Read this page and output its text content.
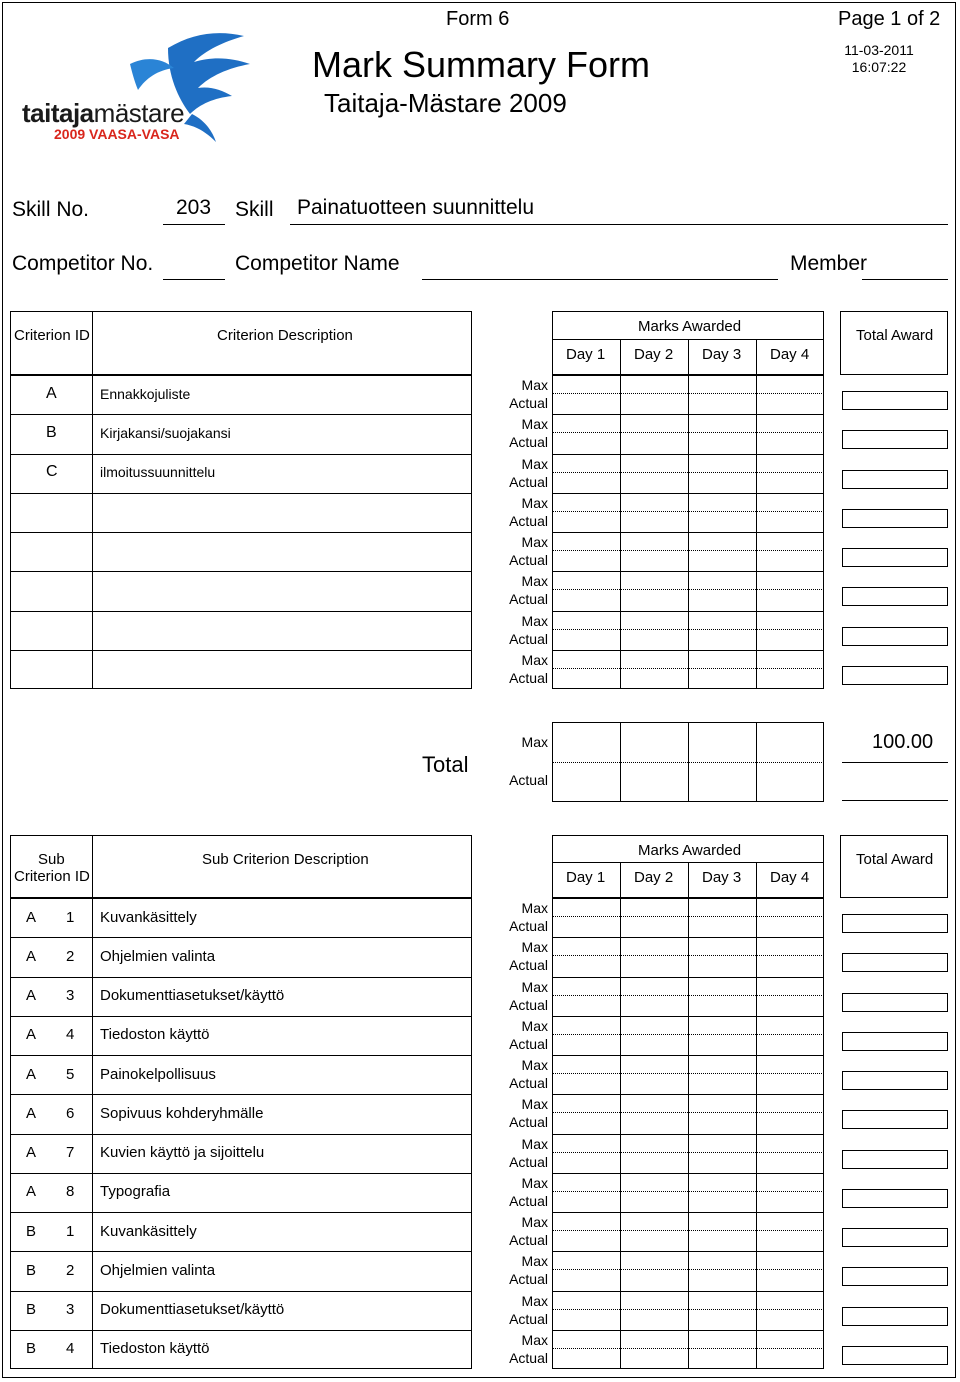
Form 6	Page 1 of 2
Mark Summary Form
Taitaja-Mästare 2009
11-03-2011
16:07:22
taitajamästare
2009 VAASA-VASA
Skill No.	203 Skill Painatuotteen suunnittelu
Competitor No.	Competitor Name	Member
Criterion ID	Criterion Description
Marks Awarded
Day 1 Day 2 Day 3 Day 4
Total Award
A	Ennakkojuliste
Max
Actual
B	Kirjakansi/suojakansi
Max
Actual
C	ilmoitussuunnittelu
Max
Actual
Max
Actual
Max
Actual
Max
Actual
Max
Actual
Max
Actual
Total
Max
Actual
100.00
Sub
Criterion ID
Sub Criterion Description
Marks Awarded
Day 1 Day 2 Day 3 Day 4
Total Award
A 1 Kuvankäsittely
Max
Actual
A 2 Ohjelmien valinta
Max
Actual
A 3 Dokumenttiasetukset/käyttö
Max
Actual
A 4 Tiedoston käyttö
Max
Actual
A 5 Painokelpollisuus
Max
Actual
A 6 Sopivuus kohderyhmälle
Max
Actual
A 7 Kuvien käyttö ja sijoittelu
Max
Actual
A 8 Typografia
Max
Actual
B 1 Kuvankäsittely
Max
Actual
B 2 Ohjelmien valinta
Max
Actual
B 3 Dokumenttiasetukset/käyttö
Max
Actual
B 4 Tiedoston käyttö
Max
Actual
